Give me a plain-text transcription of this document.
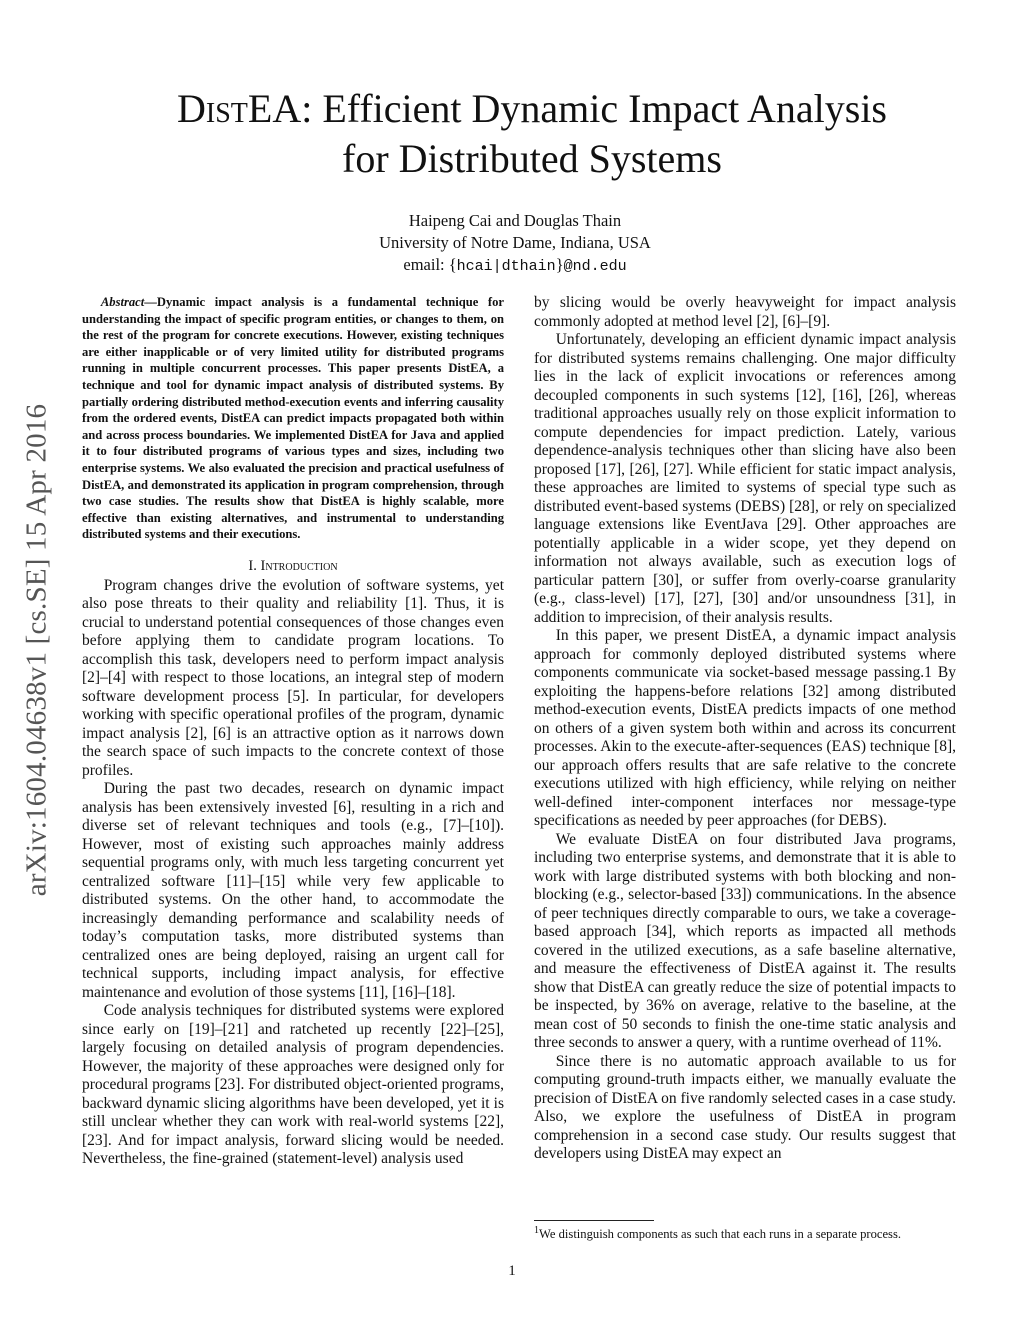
arXiv:1604.04638v1 [cs.SE] 15 Apr 2016
DistEA: Efficient Dynamic Impact Analysis
for Distributed Systems
Haipeng Cai and Douglas Thain
University of Notre Dame, Indiana, USA
email: {hcai|dthain}@nd.edu

Abstract—Dynamic impact analysis is a fundamental technique for understanding the impact of specific program entities, or changes to them, on the rest of the program for concrete executions. However, existing techniques are either inapplicable or of very limited utility for distributed programs running in multiple concurrent processes. This paper presents DistEA, a technique and tool for dynamic impact analysis of distributed systems. By partially ordering distributed method-execution events and inferring causality from the ordered events, DistEA can predict impacts propagated both within and across process boundaries. We implemented DistEA for Java and applied it to four distributed programs of various types and sizes, including two enterprise systems. We also evaluated the precision and practical usefulness of DistEA, and demonstrated its application in program comprehension, through two case studies. The results show that DistEA is highly scalable, more effective than existing alternatives, and instrumental to understanding distributed systems and their executions.

I. Introduction

Program changes drive the evolution of software systems, yet also pose threats to their quality and reliability [1]. Thus, it is crucial to understand potential consequences of those changes even before applying them to candidate program locations. To accomplish this task, developers need to perform impact analysis [2]–[4] with respect to those locations, an integral step of modern software development process [5]. In particular, for developers working with specific operational profiles of the program, dynamic impact analysis [2], [6] is an attractive option as it narrows down the search space of such impacts to the concrete context of those profiles.

During the past two decades, research on dynamic impact analysis has been extensively invested [6], resulting in a rich and diverse set of relevant techniques and tools (e.g., [7]–[10]). However, most of existing such approaches mainly address sequential programs only, with much less targeting concurrent yet centralized software [11]–[15] while very few applicable to distributed systems. On the other hand, to accommodate the increasingly demanding performance and scalability needs of today’s computation tasks, more distributed systems than centralized ones are being deployed, raising an urgent call for technical supports, including impact analysis, for effective maintenance and evolution of those systems [11], [16]–[18].

Code analysis techniques for distributed systems were explored since early on [19]–[21] and ratcheted up recently [22]–[25], largely focusing on detailed analysis of program dependencies. However, the majority of these approaches were designed only for procedural programs [23]. For distributed object-oriented programs, backward dynamic slicing algorithms have been developed, yet it is still unclear whether they can work with real-world systems [22], [23]. And for impact analysis, forward slicing would be needed. Nevertheless, the fine-grained (statement-level) analysis used

by slicing would be overly heavyweight for impact analysis commonly adopted at method level [2], [6]–[9].

Unfortunately, developing an efficient dynamic impact analysis for distributed systems remains challenging. One major difficulty lies in the lack of explicit invocations or references among decoupled components in such systems [12], [16], [26], whereas traditional approaches usually rely on those explicit information to compute dependencies for impact prediction. Lately, various dependence-analysis techniques other than slicing have also been proposed [17], [26], [27]. While efficient for static impact analysis, these approaches are limited to systems of special type such as distributed event-based systems (DEBS) [28], or rely on specialized language extensions like EventJava [29]. Other approaches are potentially applicable in a wider scope, yet they depend on information not always available, such as execution logs of particular pattern [30], or suffer from overly-coarse granularity (e.g., class-level) [17], [27], [30] and/or unsoundness [31], in addition to imprecision, of their analysis results.

In this paper, we present DistEA, a dynamic impact analysis approach for commonly deployed distributed systems where components communicate via socket-based message passing.1 By exploiting the happens-before relations [32] among distributed method-execution events, DistEA predicts impacts of one method on others of a given system both within and across its concurrent processes. Akin to the execute-after-sequences (EAS) technique [8], our approach offers results that are safe relative to the concrete executions utilized with high efficiency, while relying on neither well-defined inter-component interfaces nor message-type specifications as needed by peer approaches (for DEBS).

We evaluate DistEA on four distributed Java programs, including two enterprise systems, and demonstrate that it is able to work with large distributed systems with both blocking and non-blocking (e.g., selector-based [33]) communications. In the absence of peer techniques directly comparable to ours, we take a coverage-based approach [34], which reports as impacted all methods covered in the utilized executions, as a safe baseline alternative, and measure the effectiveness of DistEA against it. The results show that DistEA can greatly reduce the size of potential impacts to be inspected, by 36% on average, relative to the baseline, at the mean cost of 50 seconds to finish the one-time static analysis and three seconds to answer a query, with a runtime overhead of 11%.

Since there is no automatic approach available to us for computing ground-truth impacts either, we manually evaluate the precision of DistEA on five randomly selected cases in a case study. Also, we explore the usefulness of DistEA in program comprehension in a second case study. Our results suggest that developers using DistEA may expect an

$^1$We distinguish components as such that each runs in a separate process.
1
